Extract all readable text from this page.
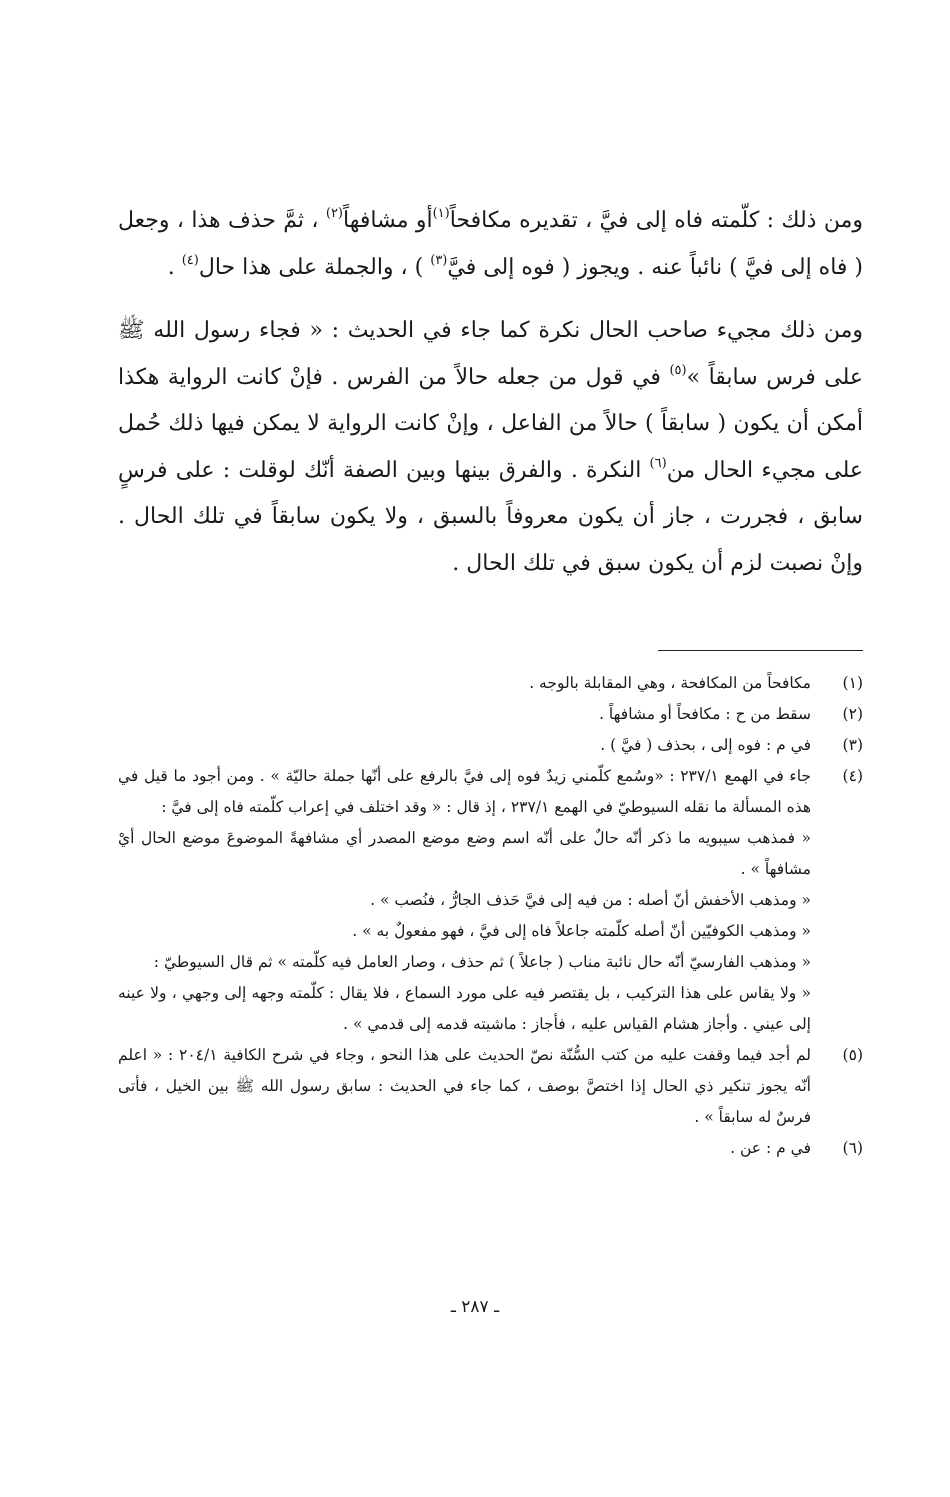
ومن ذلك : كلّمته فاه إلى فيَّ ، تقديره مكافحاً$^{(١)}$أو مشافهاً$^{(٢)}$ ، ثمَّ حذف هذا ، وجعل ( فاه إلى فيَّ ) نائباً عنه . ويجوز ( فوه إلى فيَّ$^{(٣)}$ ) ، والجملة على هذا حال$^{(٤)}$ .

ومن ذلك مجيء صاحب الحال نكرة كما جاء في الحديث : « فجاء رسول الله ﷺ على فرس سابقاً »$^{(٥)}$ في قول من جعله حالاً من الفرس . فإنْ كانت الرواية هكذا أمكن أن يكون ( سابقاً ) حالاً من الفاعل ، وإنْ كانت الرواية لا يمكن فيها ذلك حُمل على مجيء الحال من$^{(٦)}$ النكرة . والفرق بينها وبين الصفة أنّك لوقلت : على فرسٍ سابق ، فجررت ، جاز أن يكون معروفاً بالسبق ، ولا يكون سابقاً في تلك الحال . وإنْ نصبت لزم أن يكون سبق في تلك الحال .

(١)
مكافحاً من المكافحة ، وهي المقابلة بالوجه .
(٢)
سقط من ح : مكافحاً أو مشافهاً .
(٣)
في م : فوه إلى ، بحذف ( فيَّ ) .
(٤)
جاء في الهمع ٢٣٧/١ : «وسُمع كلّمني زيدٌ فوه إلى فيَّ بالرفع على أنّها جملة حاليّة » . ومن أجود ما قيل في هذه المسألة ما نقله السيوطيّ في الهمع ٢٣٧/١ ، إذ قال : « وقد اختلف في إعراب كلّمته فاه إلى فيَّ :
« فمذهب سيبويه ما ذكر أنّه حالٌ على أنّه اسم وضع موضع المصدر أي مشافهةً الموضوعَ موضع الحال أيْ مشافهاً » .
« ومذهب الأخفش أنّ أصله : من فيه إلى فيَّ حَذف الجارُّ ، فنُصب » .
« ومذهب الكوفيّين أنّ أصله كلّمته جاعلاً فاه إلى فيَّ ، فهو مفعولٌ به » .
« ومذهب الفارسيّ أنّه حال نائبة مناب ( جاعلاً ) ثم حذف ، وصار العامل فيه كلّمته » ثم قال السيوطيّ :
« ولا يقاس على هذا التركيب ، بل يقتصر فيه على مورد السماع ، فلا يقال : كلّمته وجهه إلى وجهي ، ولا عينه إلى عيني . وأجاز هشام القياس عليه ، فأجاز : ماشيته قدمه إلى قدمي » .
(٥)
لم أجد فيما وقفت عليه من كتب السُّنّة نصّ الحديث على هذا النحو ، وجاء في شرح الكافية ٢٠٤/١ : « اعلم أنّه يجوز تنكير ذي الحال إذا اختصَّ بوصف ، كما جاء في الحديث : سابق رسول الله ﷺ بين الخيل ، فأتى فرسٌ له سابقاً » .
(٦)
في م : عن .
ـ ٢٨٧ ـ
